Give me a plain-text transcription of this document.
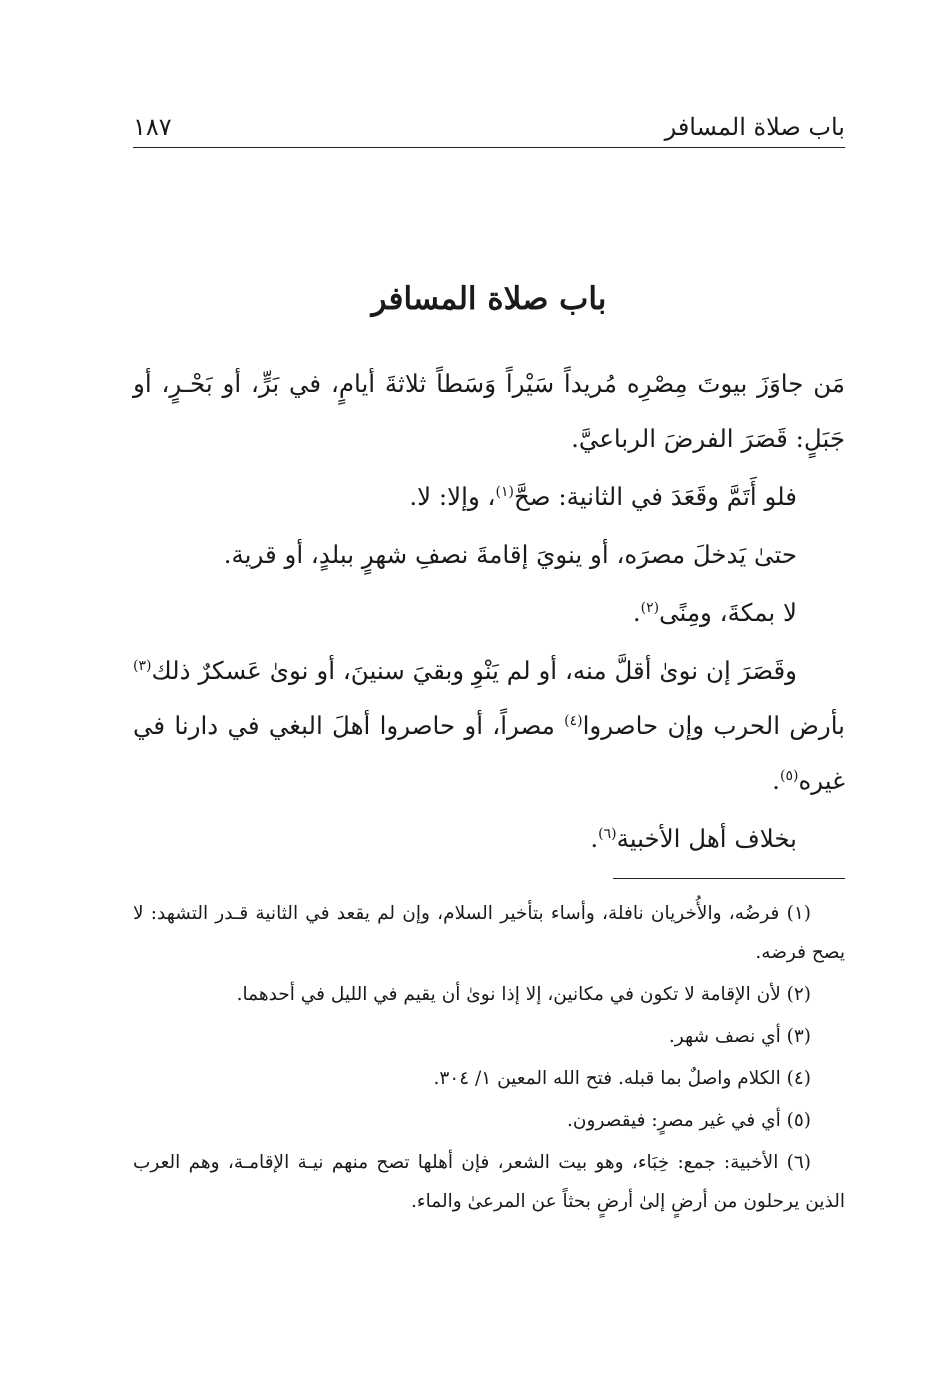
باب صلاة المسافر
١٨٧
باب صلاة المسافر

مَن جاوَزَ بيوتَ مِصْرِه مُريداً سَيْراً وَسَطاً ثلاثةَ أيامٍ، في بَرٍّ، أو بَحْـرٍ، أو جَبَلٍ: قَصَرَ الفرضَ الرباعيَّ.

فلو أَتَمَّ وقَعَدَ في الثانية: صحَّ$^{(١)}$، وإلا: لا.

حتىٰ يَدخلَ مصرَه، أو ينويَ إقامةَ نصفِ شهرٍ ببلدٍ، أو قرية.

لا بمكةَ، ومِنًى$^{(٢)}$.

وقَصَرَ إن نوىٰ أقلَّ منه، أو لم يَنْوِ وبقيَ سنينَ، أو نوىٰ عَسكرٌ ذلك$^{(٣)}$ بأرض الحرب وإن حاصروا$^{(٤)}$ مصراً، أو حاصروا أهلَ البغي في دارنا في غيره$^{(٥)}$.

بخلاف أهل الأخبية$^{(٦)}$.

(١) فرضُه، والأُخريان نافلة، وأساء بتأخير السلام، وإن لم يقعد في الثانية قـدر التشهد: لا يصح فرضه.

(٢) لأن الإقامة لا تكون في مكانين، إلا إذا نوىٰ أن يقيم في الليل في أحدهما.

(٣) أي نصف شهر.

(٤) الكلام واصلٌ بما قبله. فتح الله المعين ١/ ٣٠٤.

(٥) أي في غير مصرٍ: فيقصرون.

(٦) الأخبية: جمع: خِبَاء، وهو بيت الشعر، فإن أهلها تصح منهم نيـة الإقامـة، وهم العرب الذين يرحلون من أرضٍ إلىٰ أرضٍ بحثاً عن المرعىٰ والماء.
